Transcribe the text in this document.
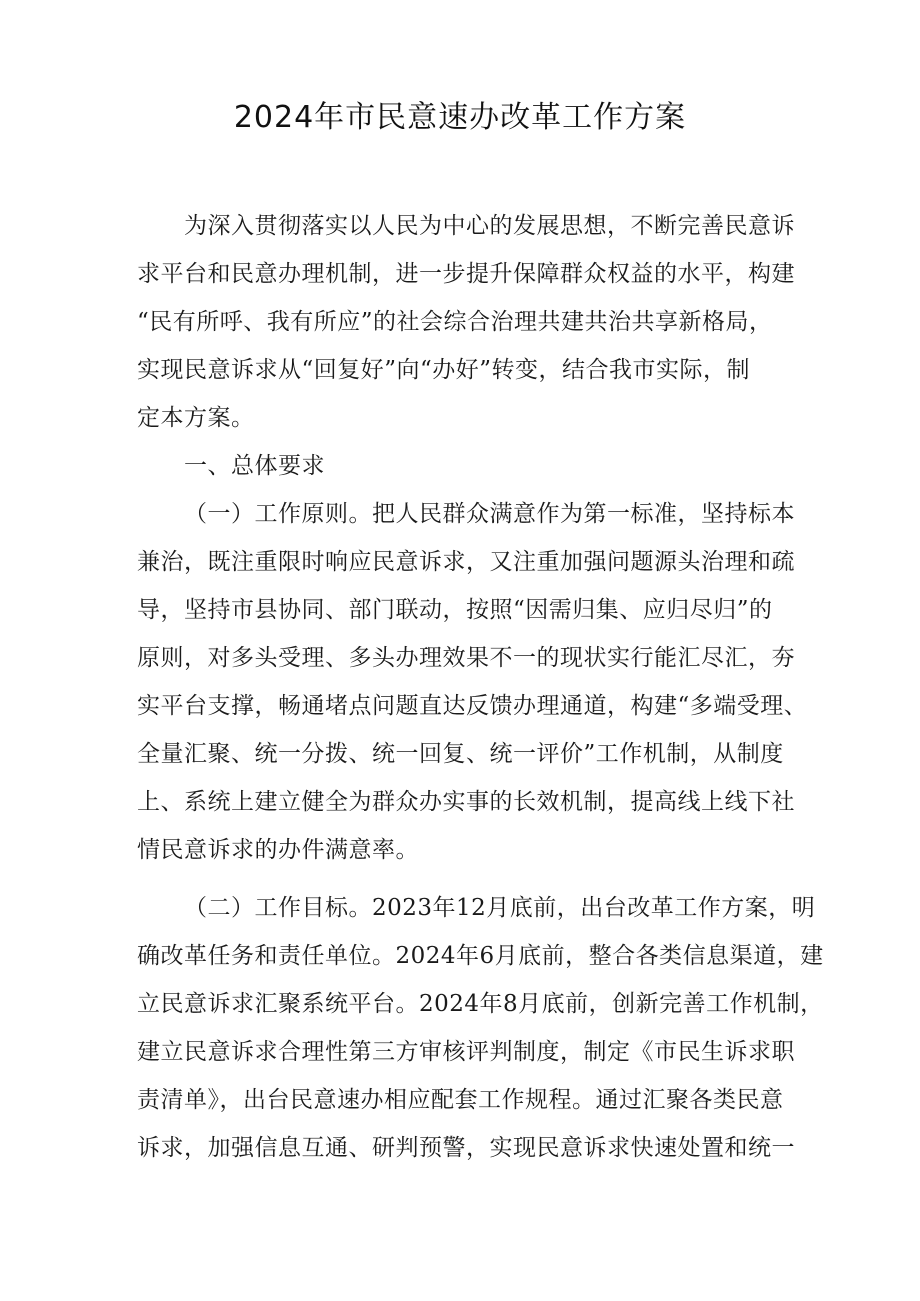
2024年市民意速办改革工作方案
为深入贯彻落实以人民为中心的发展思想，不断完善民意诉
求平台和民意办理机制，进一步提升保障群众权益的水平，构建
“民有所呼、我有所应”的社会综合治理共建共治共享新格局，
实现民意诉求从“回复好”向“办好”转变，结合我市实际，制
定本方案。
一、总体要求
（一）工作原则。把人民群众满意作为第一标准，坚持标本
兼治，既注重限时响应民意诉求，又注重加强问题源头治理和疏
导，坚持市县协同、部门联动，按照“因需归集、应归尽归”的
原则，对多头受理、多头办理效果不一的现状实行能汇尽汇，夯
实平台支撑，畅通堵点问题直达反馈办理通道，构建“多端受理、
全量汇聚、统一分拨、统一回复、统一评价”工作机制，从制度
上、系统上建立健全为群众办实事的长效机制，提高线上线下社
情民意诉求的办件满意率。
（二）工作目标。2023年12月底前，出台改革工作方案，明
确改革任务和责任单位。2024年6月底前，整合各类信息渠道，建
立民意诉求汇聚系统平台。2024年8月底前，创新完善工作机制，
建立民意诉求合理性第三方审核评判制度，制定《市民生诉求职
责清单》，出台民意速办相应配套工作规程。通过汇聚各类民意
诉求，加强信息互通、研判预警，实现民意诉求快速处置和统一
